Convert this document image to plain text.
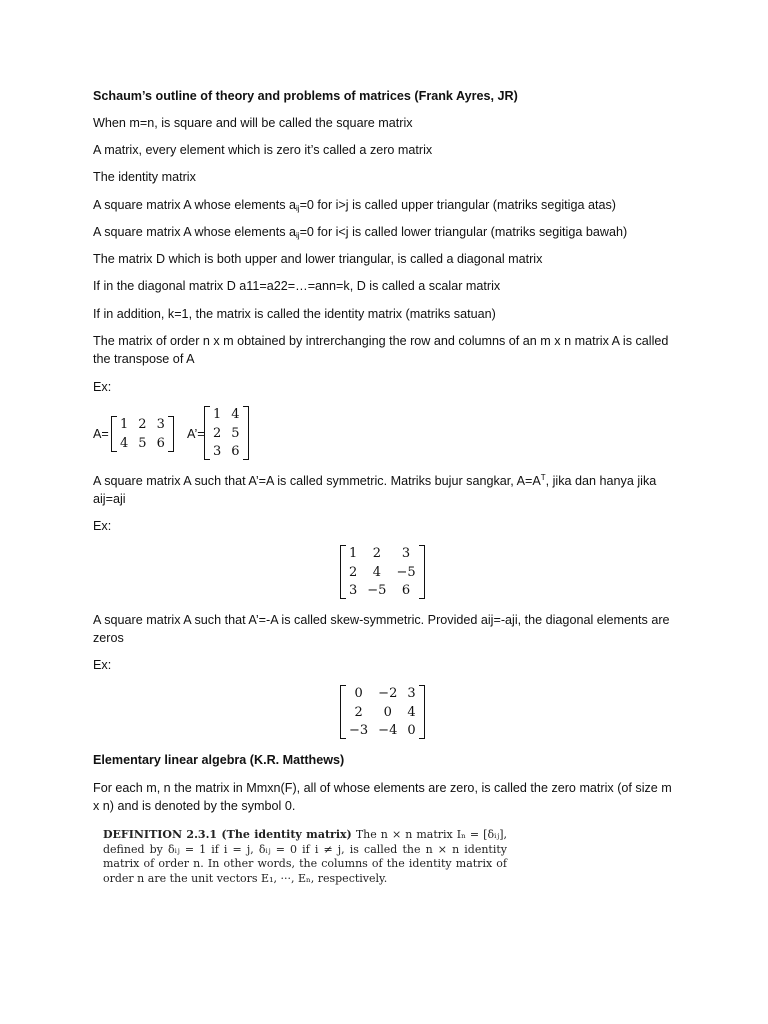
Schaum’s outline of theory and problems of matrices (Frank Ayres, JR)
When m=n, is square and will be called the square matrix
A matrix, every element which is zero it’s called a zero matrix
The identity matrix
A square matrix A whose elements $a_{ij}=0$ for i>j is called upper triangular (matriks segitiga atas)
A square matrix A whose elements $a_{ij}=0$ for i<j is called lower triangular (matriks segitiga bawah)
The matrix D which is both upper and lower triangular, is called a diagonal matrix
If in the diagonal matrix D a11=a22=…=ann=k, D is called a scalar matrix
If in addition, k=1, the matrix is called the identity matrix (matriks satuan)
The matrix of order n x m obtained by intrerchanging the row and columns of an m x n matrix A is called the transpose of A
Ex:
A square matrix A such that A’=A is called symmetric. Matriks bujur sangkar, $A=A^T$, jika dan hanya jika aij=aji
Ex:
A square matrix A such that A’=-A is called skew-symmetric. Provided aij=-aji, the diagonal elements are zeros
Ex:
Elementary linear algebra (K.R. Matthews)
For each m, n the matrix in Mmxn(F), all of whose elements are zero, is called the zero matrix (of size m x n) and is denoted by the symbol 0.
A=
1 2 3
4 5 6
A’=
1 4
2 5
3 6
1	2	3
2	4	−5
3 −5	6
0	−2 3
2	0	4
−3 −4 0
DEFINITION 2.3.1 (The identity matrix) The n × n matrix Iₙ = [δᵢⱼ], defined by δᵢⱼ = 1 if i = j, δᵢⱼ = 0 if i ≠ j, is called the n × n identity matrix of order n. In other words, the columns of the identity matrix of order n are the unit vectors E₁, ···, Eₙ, respectively.
